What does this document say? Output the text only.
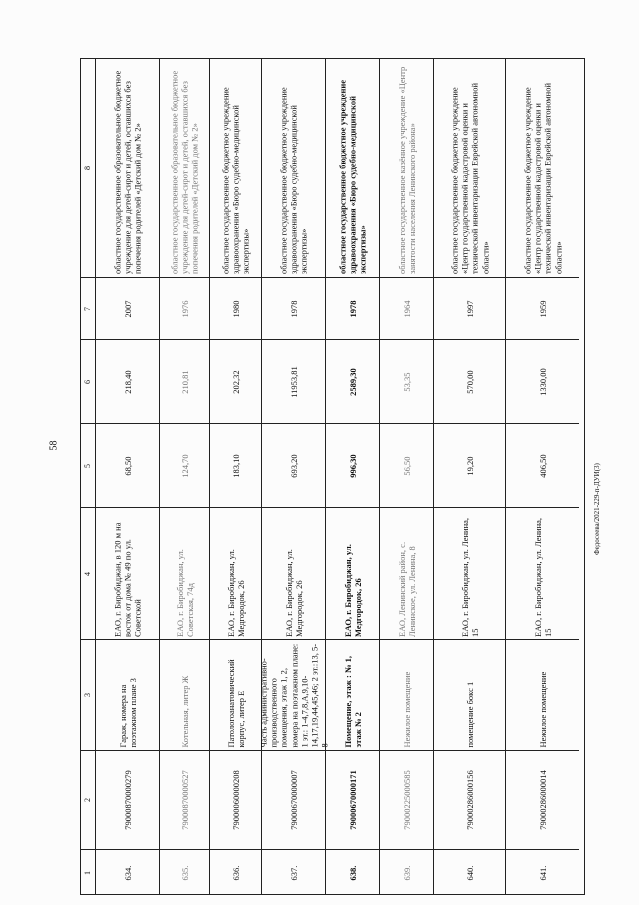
58
Федосеева/2021-229-п-ДУИ(3)
8
7
6
5
4
3
2
1
областное государственное образовательное бюджетное учреждение для детей-сирот и детей, оставшихся без попечения родителей «Детский дом № 2»
2007
218,40
68,50
ЕАО, г. Биробиджан, в 120 м на восток от дома № 49 по ул. Советской
Гараж, номера на поэтажном плане 3
79000870000279
634.
областное государственное образовательное бюджетное учреждение для детей-сирот и детей, оставшихся без попечения родителей «Детский дом № 2»
1976
210,81
124,70
ЕАО, г. Биробиджан, ул. Советская, 74д
Котельная, литер Ж
79000870000527
635.
областное государственное бюджетное учреждение здравоохранения «Бюро судебно-медицинской экспертизы»
1980
202,32
183,10
ЕАО, г. Биробиджан, ул. Медгородок, 26
Патологоанатомический корпус, литер Е
79000060000208
636.
областное государственное бюджетное учреждение здравоохранения «Бюро судебно-медицинской экспертизы»
1978
11953,81
693,20
ЕАО, г. Биробиджан, ул. Медгородок, 26
Часть административно-производственного помещения, этаж 1, 2, номера на поэтажном плане: 1 эт.: 1-4,7,8,А,9,10-14,17,19,44,45,46; 2 эт.:13, 5-8
79000670000007
637.
областное государственное бюджетное учреждение здравоохранения «Бюро судебно-медицинской экспертизы»
1978
2589,30
996,30
ЕАО, г. Биробиджан, ул. Медгородок, 26
Помещение, этаж : № 1, этаж № 2
79000670000171
638.
областное государственное казённое учреждение «Центр занятости населения Ленинского района»
1964
53,35
56,50
ЕАО, Ленинский район, с. Ленинское, ул. Ленина, 8
Нежилое помещение
79000225000585
639.
областное государственное бюджетное учреждение «Центр государственной кадастровой оценки и технической инвентаризации Еврейской автономной области»
1997
570,00
19,20
ЕАО, г. Биробиджан, ул. Ленина, 15
помещение бокс 1
79000286000156
640.
областное государственное бюджетное учреждение «Центр государственной кадастровой оценки и технической инвентаризации Еврейской автономной области»
1959
1330,00
406,50
ЕАО, г. Биробиджан, ул. Ленина, 15
Нежилое помещение
79000286000014
641.
